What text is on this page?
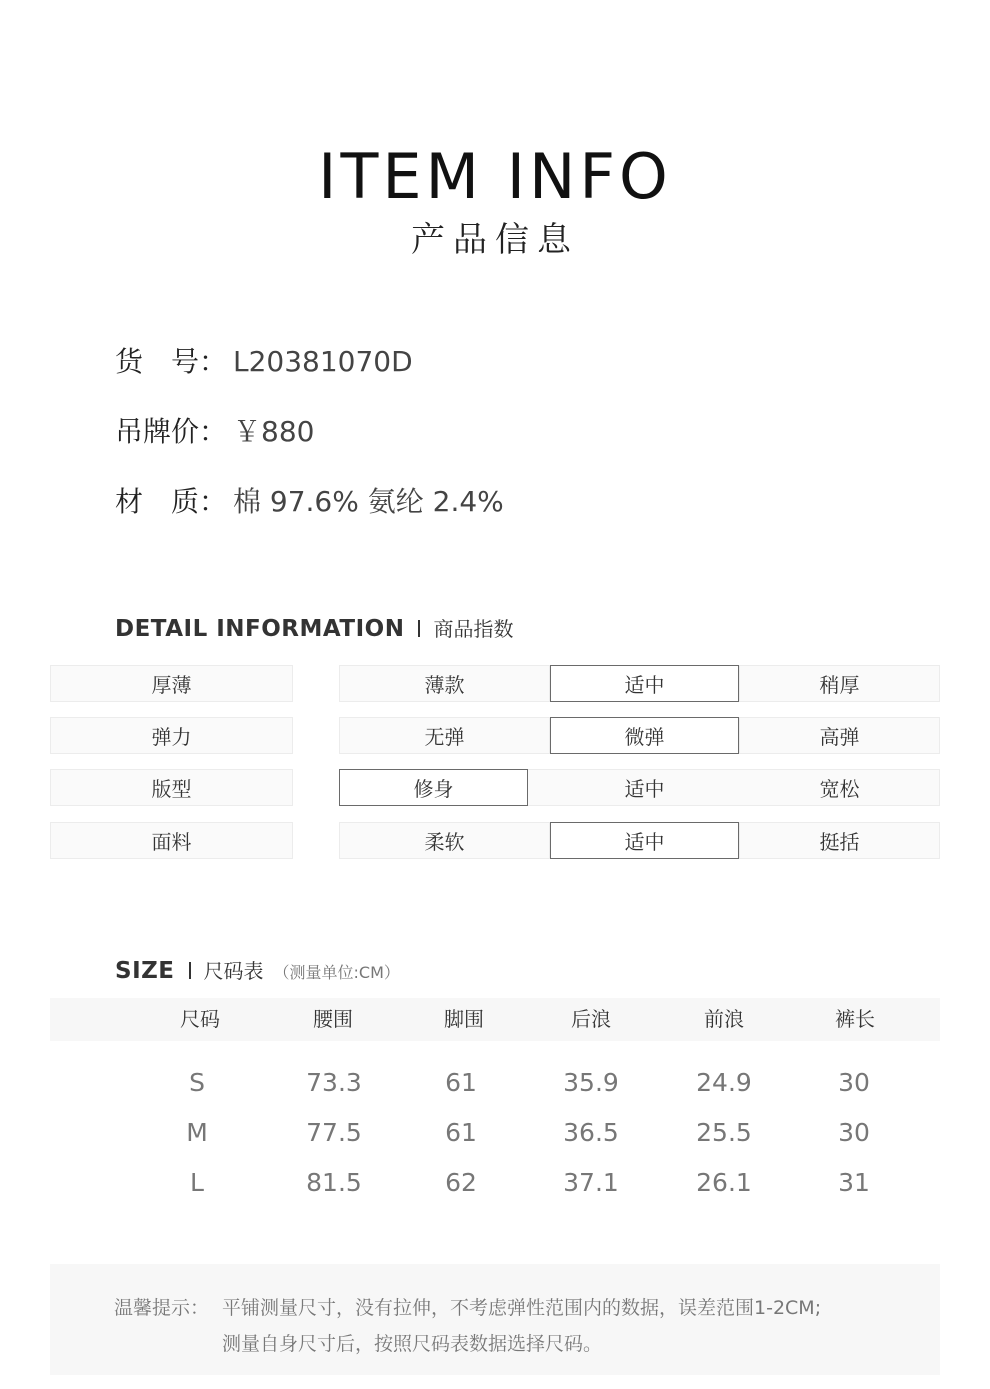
ITEM INFO
产品信息
货　号： L20381070D
吊牌价： ￥880
材　质： 棉 97.6% 氨纶 2.4%
DETAIL INFORMATION 商品指数
厚薄	薄款	适中	稍厚
弹力	无弹	微弹	高弹
版型	修身	适中	宽松
面料	柔软	适中	挺括
SIZE 尺码表 （测量单位:CM）
尺码	腰围	脚围	后浪	前浪	裤长
S	73.3	61	35.9	24.9	30
M	77.5	61	36.5	25.5	30
L	81.5	62	37.1	26.1	31
温馨提示： 平铺测量尺寸，没有拉伸，不考虑弹性范围内的数据，误差范围1-2CM;
测量自身尺寸后，按照尺码表数据选择尺码。
